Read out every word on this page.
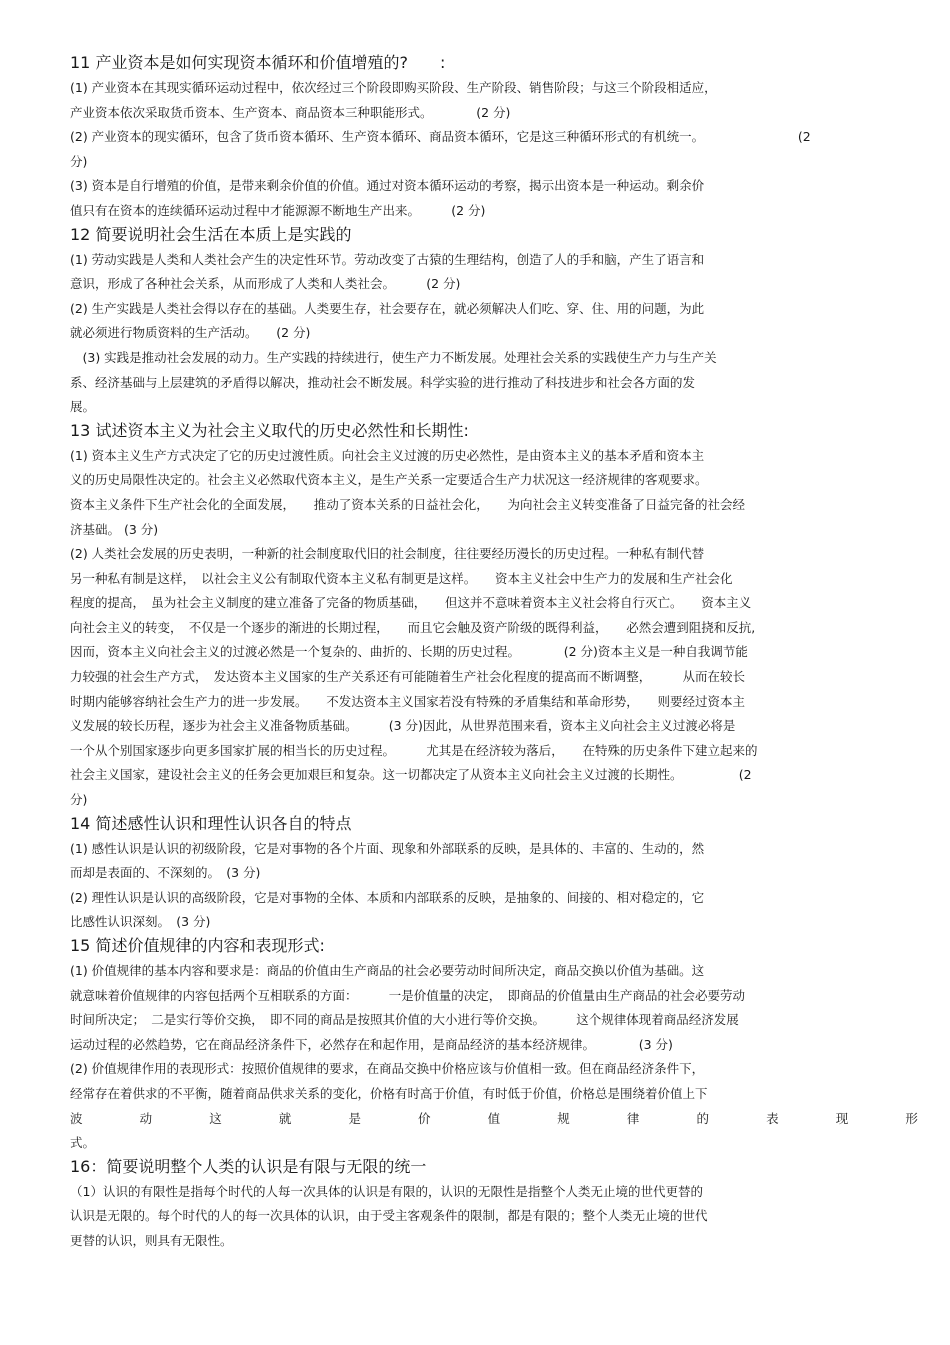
11 产业资本是如何实现资本循环和价值增殖的?　　:
(1) 产业资本在其现实循环运动过程中，依次经过三个阶段即购买阶段、生产阶段、销售阶段；与这三个阶段相适应，
产业资本依次采取货币资本、生产资本、商品资本三种职能形式。　　　　(2 分)
(2) 产业资本的现实循环，包含了货币资本循环、生产资本循环、商品资本循环，它是这三种循环形式的有机统一。　　　　　　　　(2
分)
(3) 资本是自行增殖的价值，是带来剩余价值的价值。通过对资本循环运动的考察，揭示出资本是一种运动。剩余价
值只有在资本的连续循环运动过程中才能源源不断地生产出来。　　　(2 分)
12 简要说明社会生活在本质上是实践的
(1) 劳动实践是人类和人类社会产生的决定性环节。劳动改变了古猿的生理结构，创造了人的手和脑，产生了语言和
意识，形成了各种社会关系，从而形成了人类和人类社会。　　　(2 分)
(2) 生产实践是人类社会得以存在的基础。人类要生存，社会要存在，就必须解决人们吃、穿、住、用的问题，为此
就必须进行物质资料的生产活动。　　(2 分)
　(3) 实践是推动社会发展的动力。生产实践的持续进行，使生产力不断发展。处理社会关系的实践使生产力与生产关
系、经济基础与上层建筑的矛盾得以解决，推动社会不断发展。科学实验的进行推动了科技进步和社会各方面的发
展。
13 试述资本主义为社会主义取代的历史必然性和长期性:
(1) 资本主义生产方式决定了它的历史过渡性质。向社会主义过渡的历史必然性，是由资本主义的基本矛盾和资本主
义的历史局限性决定的。社会主义必然取代资本主义，是生产关系一定要适合生产力状况这一经济规律的客观要求。
资本主义条件下生产社会化的全面发展，　　推动了资本关系的日益社会化，　　为向社会主义转变准备了日益完备的社会经
济基础。 (3 分)
(2) 人类社会发展的历史表明，一种新的社会制度取代旧的社会制度，往往要经历漫长的历史过程。一种私有制代替
另一种私有制是这样，　以社会主义公有制取代资本主义私有制更是这样。　　资本主义社会中生产力的发展和生产社会化
程度的提高，　虽为社会主义制度的建立准备了完备的物质基础，　　但这并不意味着资本主义社会将自行灭亡。　　资本主义
向社会主义的转变，　不仅是一个逐步的渐进的长期过程，　　而且它会触及资产阶级的既得利益，　　必然会遭到阻挠和反抗,
因而，资本主义向社会主义的过渡必然是一个复杂的、曲折的、长期的历史过程。　　　　(2 分)资本主义是一种自我调节能
力较强的社会生产方式，　发达资本主义国家的生产关系还有可能随着生产社会化程度的提高而不断调整，　　　从而在较长
时期内能够容纳社会生产力的进一步发展。　　不发达资本主义国家若没有特殊的矛盾集结和革命形势，　　则要经过资本主
义发展的较长历程，逐步为社会主义准备物质基础。　　　(3 分)因此，从世界范围来看，资本主义向社会主义过渡必将是
一个从个别国家逐步向更多国家扩展的相当长的历史过程。　　　尤其是在经济较为落后，　　在特殊的历史条件下建立起来的
社会主义国家，建设社会主义的任务会更加艰巨和复杂。这一切都决定了从资本主义向社会主义过渡的长期性。　　　　　(2
分)
14 简述感性认识和理性认识各自的特点
(1) 感性认识是认识的初级阶段，它是对事物的各个片面、现象和外部联系的反映，是具体的、丰富的、生动的，然
而却是表面的、不深刻的。　(3 分)
(2) 理性认识是认识的高级阶段，它是对事物的全体、本质和内部联系的反映，是抽象的、间接的、相对稳定的，它
比感性认识深刻。　(3 分)
15 简述价值规律的内容和表现形式:
(1) 价值规律的基本内容和要求是：商品的价值由生产商品的社会必要劳动时间所决定，商品交换以价值为基础。这
就意味着价值规律的内容包括两个互相联系的方面：　　　一是价值量的决定，　即商品的价值量由生产商品的社会必要劳动
时间所决定；　二是实行等价交换，　即不同的商品是按照其价值的大小进行等价交换。　　　这个规律体现着商品经济发展
运动过程的必然趋势，它在商品经济条件下，必然存在和起作用，是商品经济的基本经济规律。　　　　(3 分)
(2) 价值规律作用的表现形式：按照价值规律的要求，在商品交换中价格应该与价值相一致。但在商品经济条件下，
经常存在着供求的不平衡，随着商品供求关系的变化，价格有时高于价值，有时低于价值，价格总是围绕着价值上下
波	动	这	就	是	价	值	规	律	的	表	现	形
式。
16：简要说明整个人类的认识是有限与无限的统一
（1）认识的有限性是指每个时代的人每一次具体的认识是有限的，认识的无限性是指整个人类无止境的世代更替的
认识是无限的。每个时代的人的每一次具体的认识，由于受主客观条件的限制，都是有限的；整个人类无止境的世代
更替的认识，则具有无限性。
